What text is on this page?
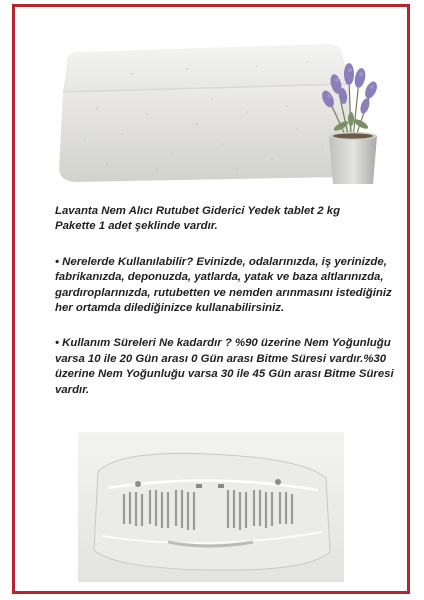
Lavanta Nem Alıcı Rutubet Giderici Yedek tablet 2 kg
Pakette 1 adet şeklinde vardır.

• Nerelerde Kullanılabilir? Evinizde, odalarınızda, iş yerinizde,
fabrikanızda, deponuzda, yatlarda, yatak ve baza altlarınızda,
gardıroplarınızda, rutubetten ve nemden arınmasını istediğiniz
her ortamda dilediğinizce kullanabilirsiniz.

• Kullanım Süreleri Ne kadardır ? %90 üzerine Nem Yoğunluğu
varsa 10 ile 20 Gün arası 0 Gün arası Bitme Süresi vardır.%30
üzerine Nem Yoğunluğu varsa 30 ile 45 Gün arası Bitme Süresi
vardır.
